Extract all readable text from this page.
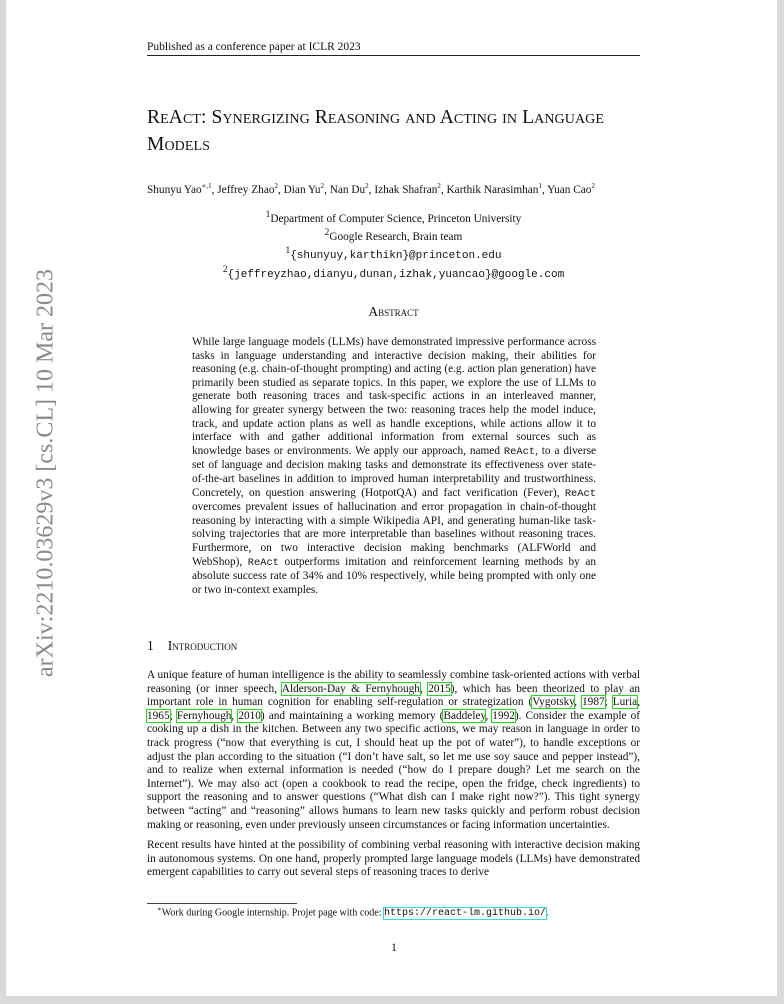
arXiv:2210.03629v3 [cs.CL] 10 Mar 2023
Published as a conference paper at ICLR 2023
ReAct: Synergizing Reasoning and Acting in Language Models
Shunyu Yao$^{∗,1}$, Jeffrey Zhao$^2$, Dian Yu$^2$, Nan Du$^2$, Izhak Shafran$^2$, Karthik Narasimhan$^1$, Yuan Cao$^2$
$^1$Department of Computer Science, Princeton University
$^2$Google Research, Brain team
$^1${shunyuy,karthikn}@princeton.edu
$^2${jeffreyzhao,dianyu,dunan,izhak,yuancao}@google.com
Abstract
While large language models (LLMs) have demonstrated impressive performance across tasks in language understanding and interactive decision making, their abilities for reasoning (e.g. chain-of-thought prompting) and acting (e.g. action plan generation) have primarily been studied as separate topics. In this paper, we explore the use of LLMs to generate both reasoning traces and task-specific actions in an interleaved manner, allowing for greater synergy between the two: reasoning traces help the model induce, track, and update action plans as well as handle exceptions, while actions allow it to interface with and gather additional information from external sources such as knowledge bases or environments. We apply our approach, named ReAct, to a diverse set of language and decision making tasks and demonstrate its effectiveness over state-of-the-art baselines in addition to improved human interpretability and trustworthiness. Concretely, on question answering (HotpotQA) and fact verification (Fever), ReAct overcomes prevalent issues of hallucination and error propagation in chain-of-thought reasoning by interacting with a simple Wikipedia API, and generating human-like task-solving trajectories that are more interpretable than baselines without reasoning traces. Furthermore, on two interactive decision making benchmarks (ALFWorld and WebShop), ReAct outperforms imitation and reinforcement learning methods by an absolute success rate of 34% and 10% respectively, while being prompted with only one or two in-context examples.
1 Introduction

A unique feature of human intelligence is the ability to seamlessly combine task-oriented actions with verbal reasoning (or inner speech, Alderson-Day & Fernyhough, 2015), which has been theorized to play an important role in human cognition for enabling self-regulation or strategization (Vygotsky, 1987; Luria, 1965; Fernyhough, 2010) and maintaining a working memory (Baddeley, 1992). Consider the example of cooking up a dish in the kitchen. Between any two specific actions, we may reason in language in order to track progress (“now that everything is cut, I should heat up the pot of water”), to handle exceptions or adjust the plan according to the situation (“I don’t have salt, so let me use soy sauce and pepper instead”), and to realize when external information is needed (“how do I prepare dough? Let me search on the Internet”). We may also act (open a cookbook to read the recipe, open the fridge, check ingredients) to support the reasoning and to answer questions (“What dish can I make right now?”). This tight synergy between “acting” and “reasoning” allows humans to learn new tasks quickly and perform robust decision making or reasoning, even under previously unseen circumstances or facing information uncertainties.

Recent results have hinted at the possibility of combining verbal reasoning with interactive decision making in autonomous systems. On one hand, properly prompted large language models (LLMs) have demonstrated emergent capabilities to carry out several steps of reasoning traces to derive

∗Work during Google internship. Projet page with code: https://react-lm.github.io/.
1
